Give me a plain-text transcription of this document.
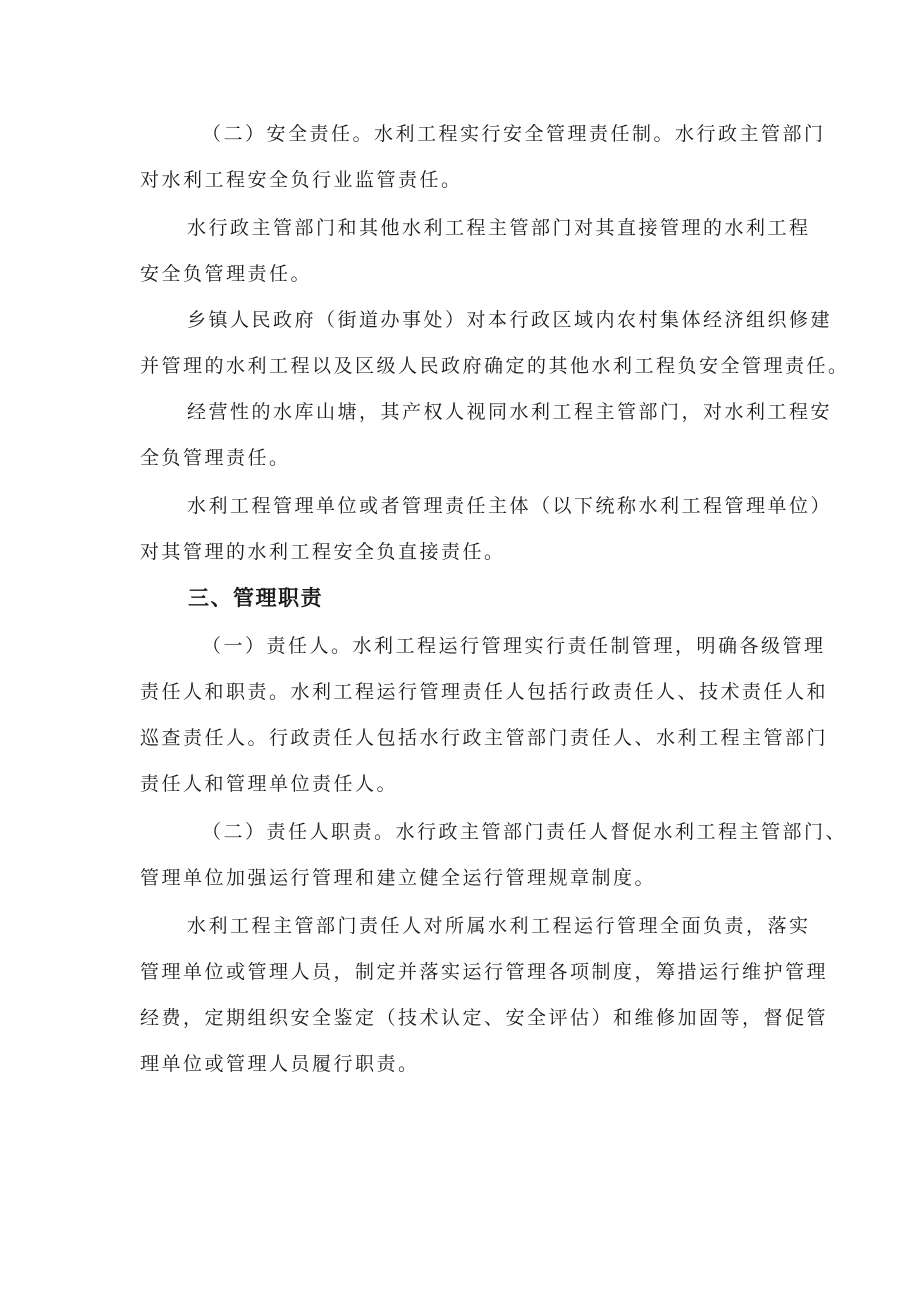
（二）安全责任。水利工程实行安全管理责任制。水行政主管部门
对水利工程安全负行业监管责任。
水行政主管部门和其他水利工程主管部门对其直接管理的水利工程
安全负管理责任。
乡镇人民政府（街道办事处）对本行政区域内农村集体经济组织修建
并管理的水利工程以及区级人民政府确定的其他水利工程负安全管理责任。
经营性的水库山塘，其产权人视同水利工程主管部门，对水利工程安
全负管理责任。
水利工程管理单位或者管理责任主体（以下统称水利工程管理单位）
对其管理的水利工程安全负直接责任。
三、管理职责
（一）责任人。水利工程运行管理实行责任制管理，明确各级管理
责任人和职责。水利工程运行管理责任人包括行政责任人、技术责任人和
巡查责任人。行政责任人包括水行政主管部门责任人、水利工程主管部门
责任人和管理单位责任人。
（二）责任人职责。水行政主管部门责任人督促水利工程主管部门、
管理单位加强运行管理和建立健全运行管理规章制度。
水利工程主管部门责任人对所属水利工程运行管理全面负责，落实
管理单位或管理人员，制定并落实运行管理各项制度，筹措运行维护管理
经费，定期组织安全鉴定（技术认定、安全评估）和维修加固等，督促管
理单位或管理人员履行职责。
